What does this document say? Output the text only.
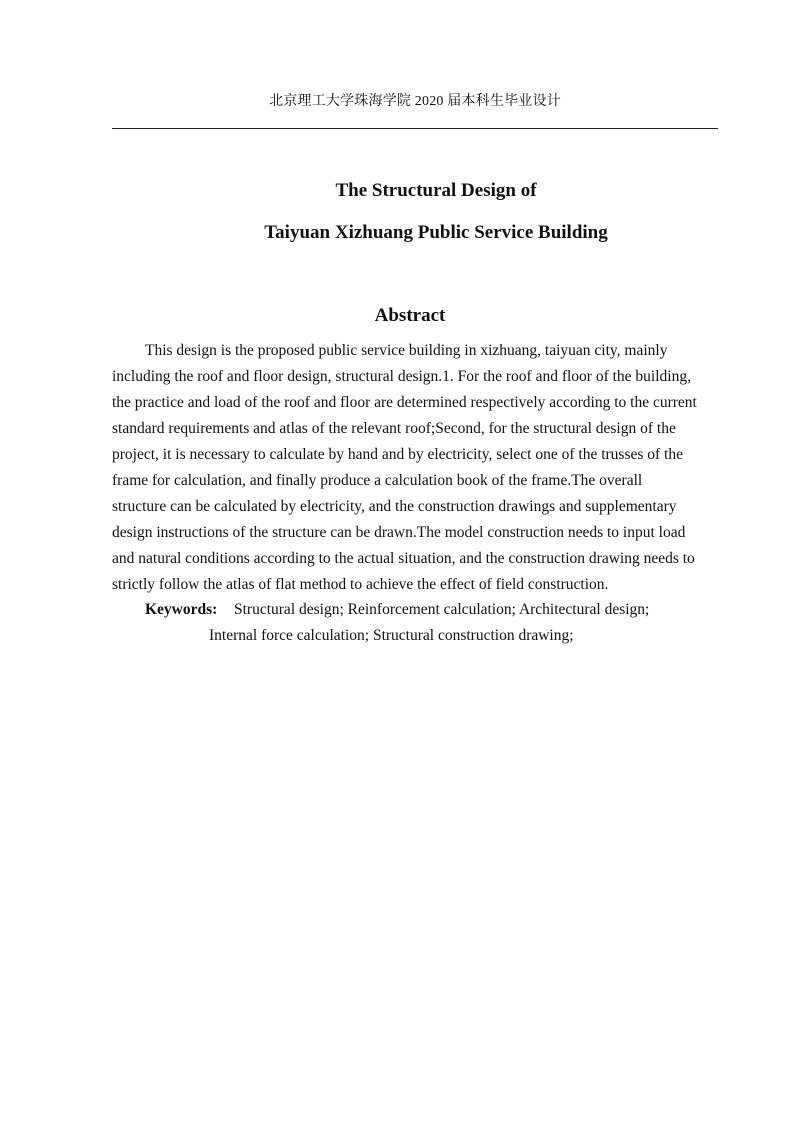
北京理工大学珠海学院 2020 届本科生毕业设计
The Structural Design of
Taiyuan Xizhuang Public Service Building
Abstract
This design is the proposed public service building in xizhuang, taiyuan city, mainly
including the roof and floor design, structural design.1. For the roof and floor of the building,
the practice and load of the roof and floor are determined respectively according to the current
standard requirements and atlas of the relevant roof;Second, for the structural design of the
project, it is necessary to calculate by hand and by electricity, select one of the trusses of the
frame for calculation, and finally produce a calculation book of the frame.The overall
structure can be calculated by electricity, and the construction drawings and supplementary
design instructions of the structure can be drawn.The model construction needs to input load
and natural conditions according to the actual situation, and the construction drawing needs to
strictly follow the atlas of flat method to achieve the effect of field construction.
Keywords: Structural design; Reinforcement calculation; Architectural design;
Internal force calculation; Structural construction drawing;
